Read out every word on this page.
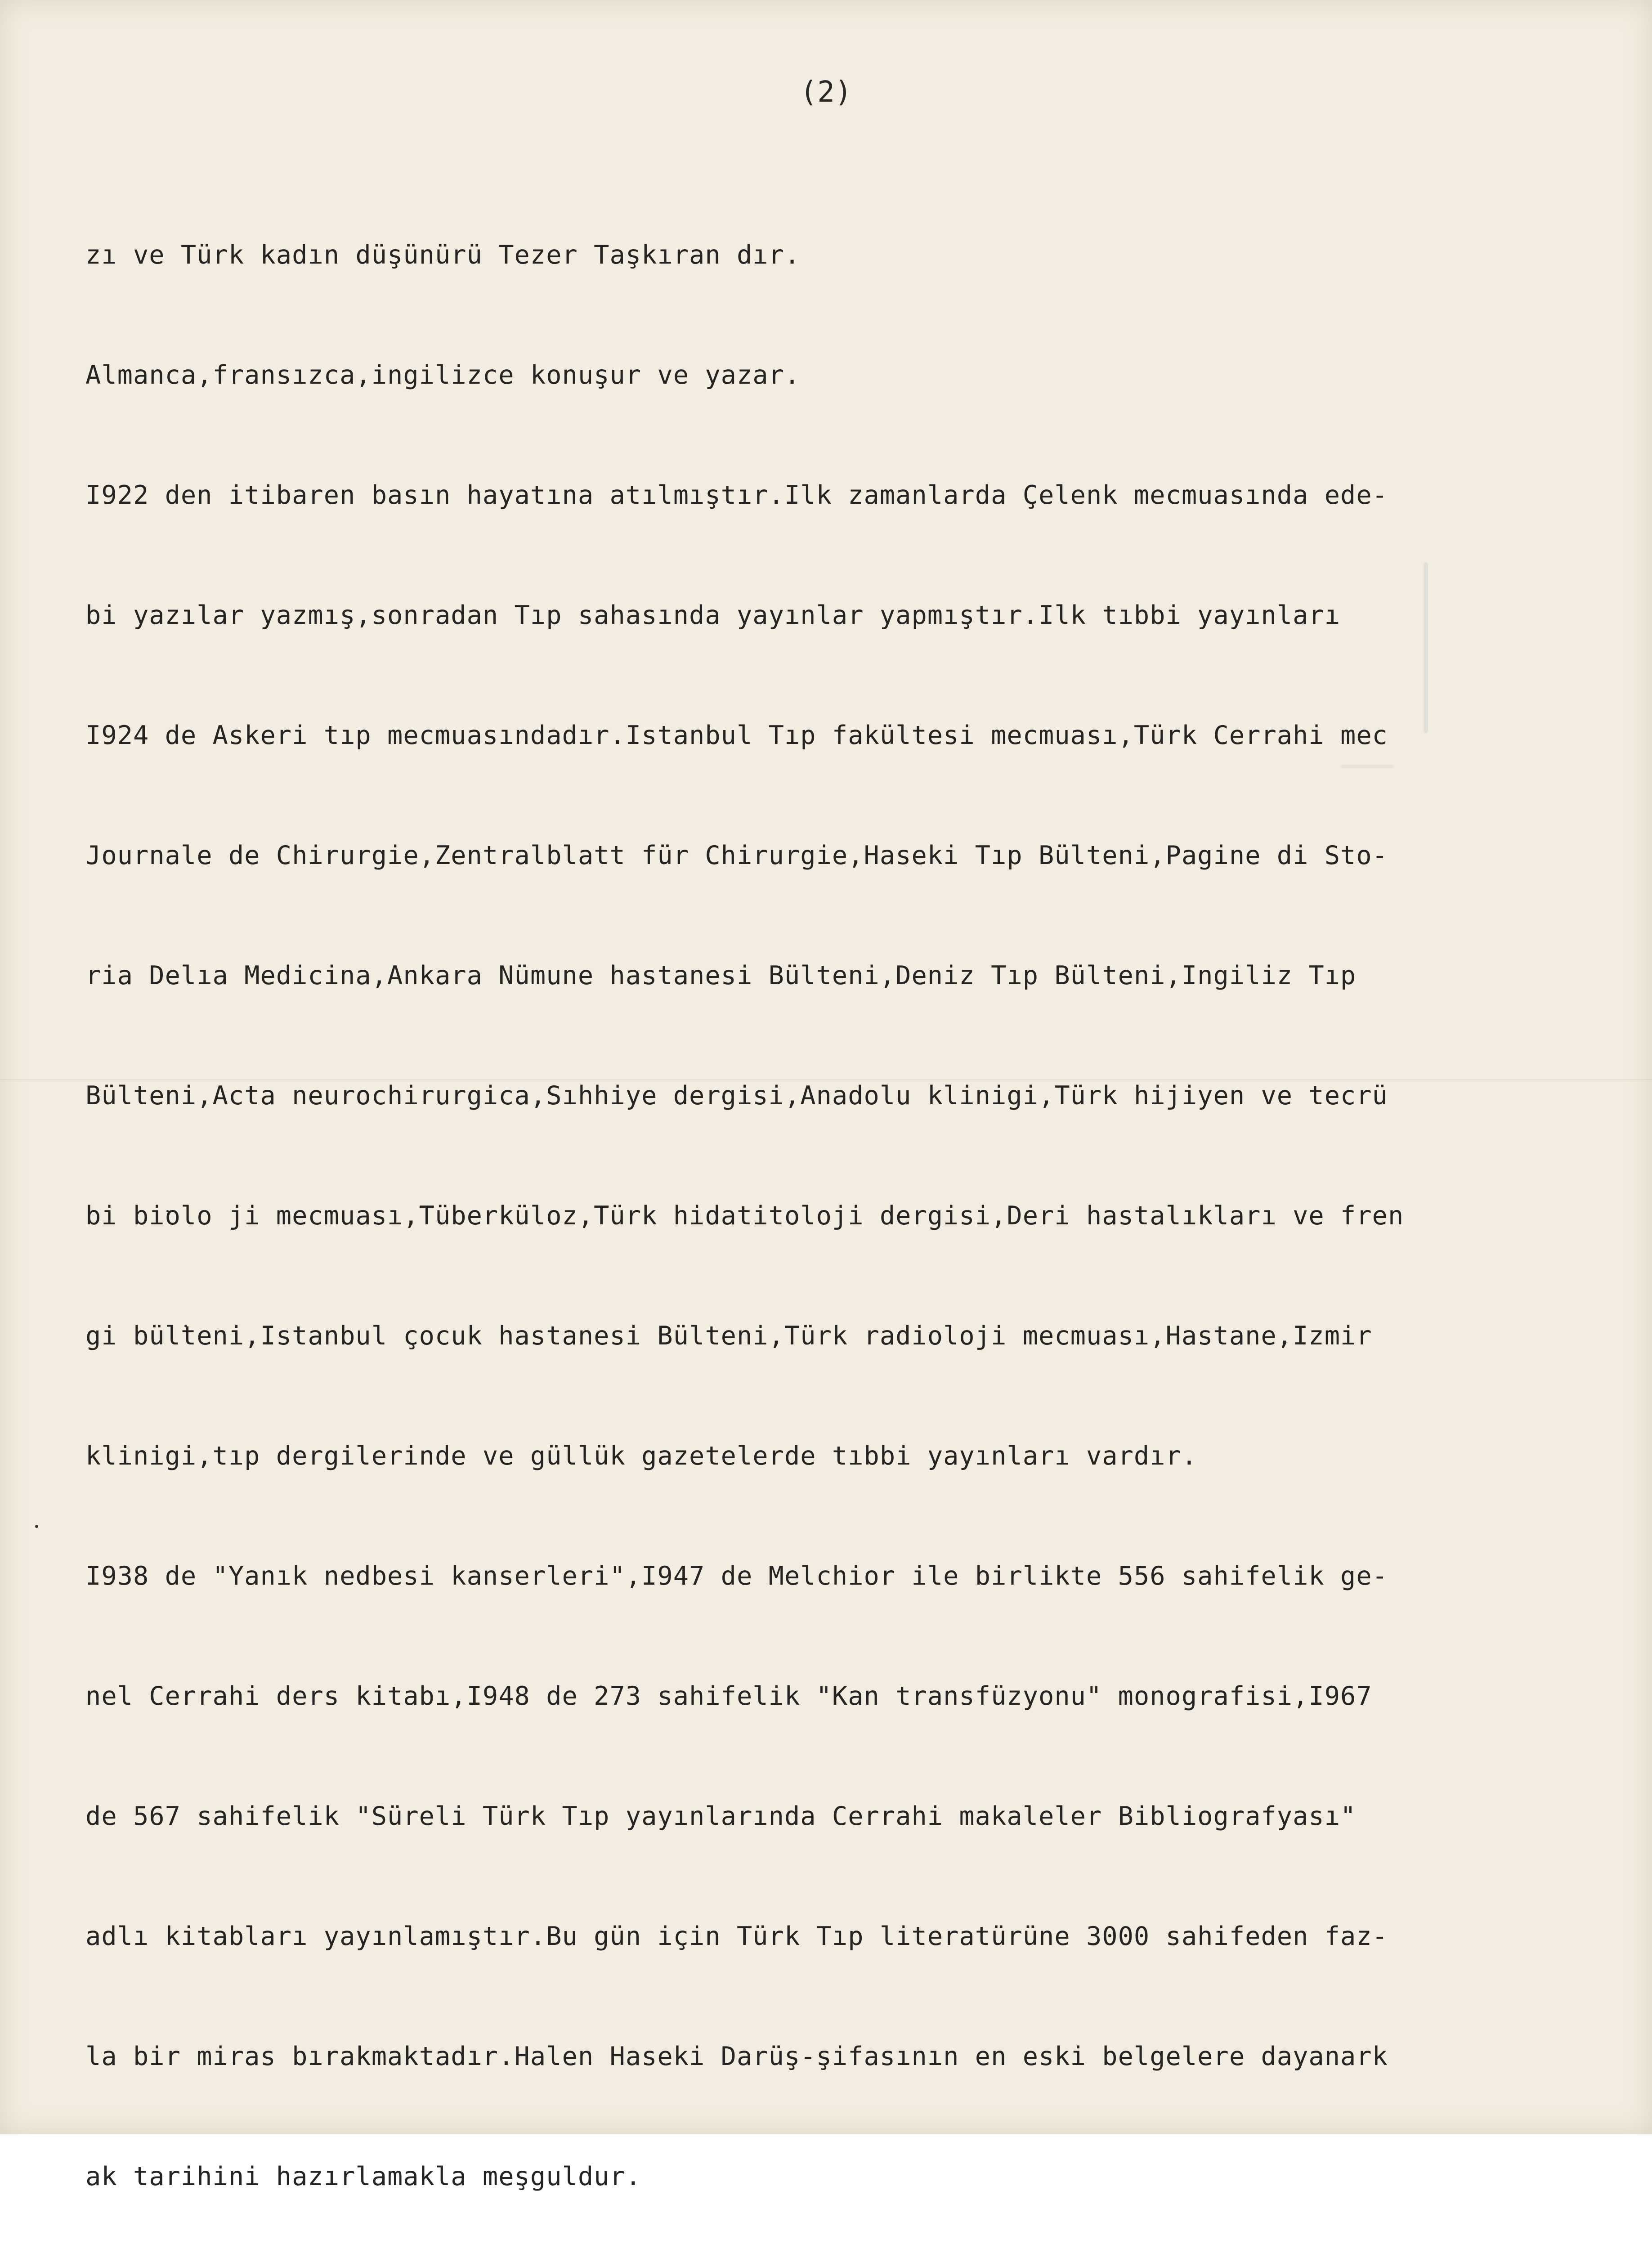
(2)

zı ve Türk kadın düşünürü Tezer Taşkıran dır.

Almanca,fransızca,ingilizce konuşur ve yazar.

I922 den itibaren basın hayatına atılmıştır.Ilk zamanlarda Çelenk mecmuasında ede-

bi yazılar yazmış,sonradan Tıp sahasında yayınlar yapmıştır.Ilk tıbbi yayınları

I924 de Askeri tıp mecmuasındadır.Istanbul Tıp fakültesi mecmuası,Türk Cerrahi mec

Journale de Chirurgie,Zentralblatt für Chirurgie,Haseki Tıp Bülteni,Pagine di Sto-

ria Delıa Medicina,Ankara Nümune hastanesi Bülteni,Deniz Tıp Bülteni,Ingiliz Tıp

Bülteni,Acta neurochirurgica,Sıhhiye dergisi,Anadolu klinigi,Türk hijiyen ve tecrü

bi biolo ji mecmuası,Tüberküloz,Türk hidatitoloji dergisi,Deri hastalıkları ve fren

gi bülteni,Istanbul çocuk hastanesi Bülteni,Türk radioloji mecmuası,Hastane,Izmir

klinigi,tıp dergilerinde ve güllük gazetelerde tıbbi yayınları vardır.

I938 de "Yanık nedbesi kanserleri",I947 de Melchior ile birlikte 556 sahifelik ge-

nel Cerrahi ders kitabı,I948 de 273 sahifelik "Kan transfüzyonu" monografisi,I967

de 567 sahifelik "Süreli Türk Tıp yayınlarında Cerrahi makaleler Bibliografyası"

adlı kitabları yayınlamıştır.Bu gün için Türk Tıp literatürüne 3000 sahifeden faz-

la bir miras bırakmaktadır.Halen Haseki Darüş-şifasının en eski belgelere dayanark

ak tarihini hazırlamakla meşguldur.
